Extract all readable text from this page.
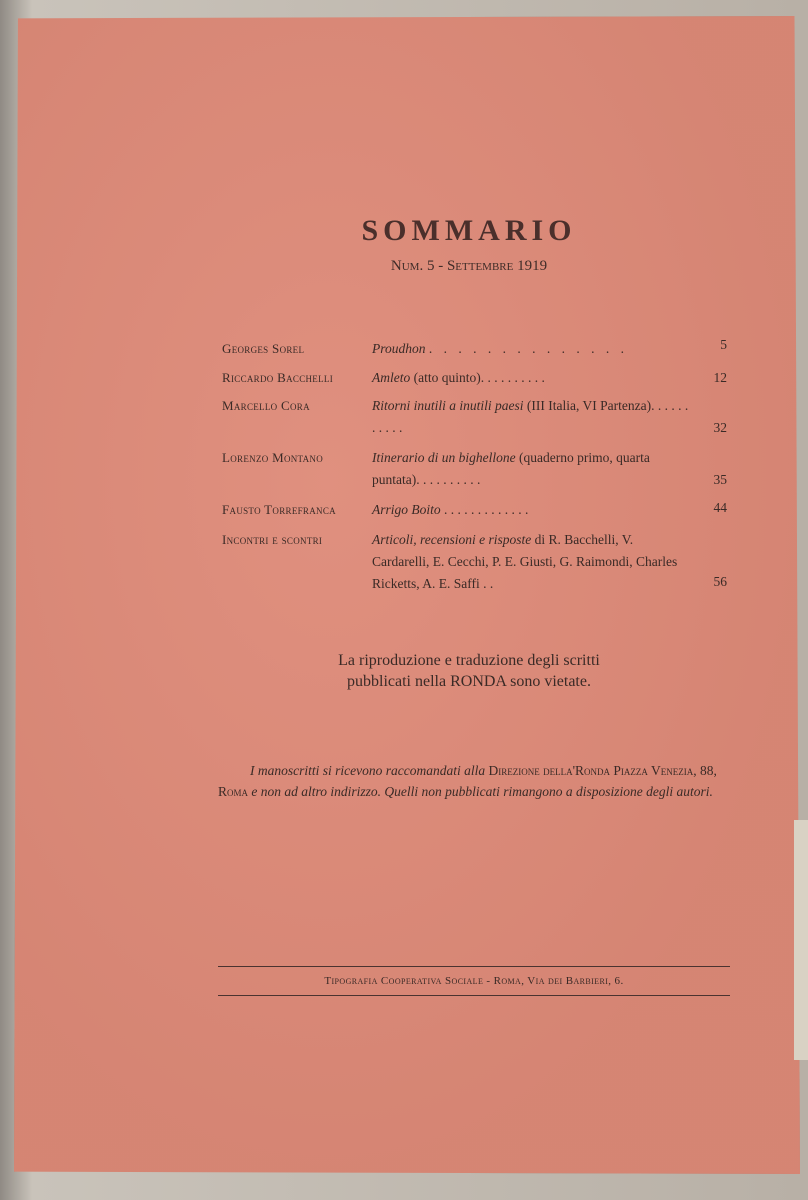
SOMMARIO
Num. 5 - Settembre 1919
Georges Sorel	Proudhon . . . . . . . . . . . . . .	5
Riccardo Bacchelli	Amleto (atto quinto). . . . . . . . . .	12
Marcello Cora	Ritorni inutili a inutili paesi (III Italia, VI Partenza). . . . . . . . . . .	32
Lorenzo Montano	Itinerario di un bighellone (quaderno primo, quarta puntata). . . . . . . . . .	35
Fausto Torrefranca	Arrigo Boito . . . . . . . . . . . . .	44
Incontri e scontri	Articoli, recensioni e risposte di R. Bacchelli, V. Cardarelli, E. Cecchi, P. E. Giusti, G. Raimondi, Charles Ricketts, A. E. Saffi . .	56
La riproduzione e traduzione degli scritti
pubblicati nella RONDA sono vietate.
I manoscritti si ricevono raccomandati alla Direzione della'Ronda Piazza Venezia, 88, Roma e non ad altro indirizzo. Quelli non pubblicati rimangono a disposizione degli autori.
Tipografia Cooperativa Sociale - Roma, Via dei Barbieri, 6.
